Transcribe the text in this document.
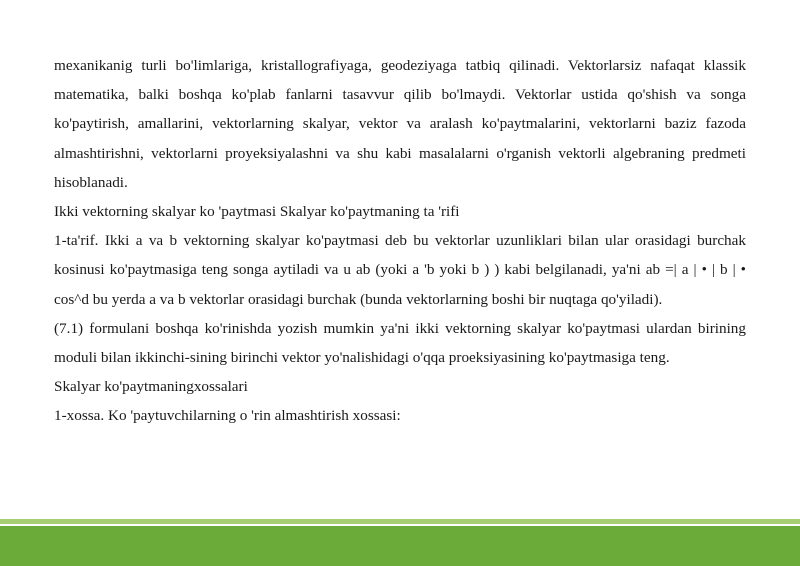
mexanikanig turli bo'limlariga, kristallografiyaga, geodeziyaga tatbiq qilinadi. Vektorlarsiz nafaqat klassik matematika, balki boshqa ko'plab fanlarni tasavvur qilib bo'lmaydi. Vektorlar ustida qo'shish va songa ko'paytirish, amallarini, vektorlarning skalyar, vektor va aralash ko'paytmalarini, vektorlarni baziz fazoda almashtirishni, vektorlarni proyeksiyalashni va shu kabi masalalarni o'rganish vektorli algebraning predmeti hisoblanadi.

Ikki vektorning skalyar ko 'paytmasi Skalyar ko'paytmaning ta 'rifi

1-ta'rif. Ikki a va b vektorning skalyar ko'paytmasi deb bu vektorlar uzunliklari bilan ular orasidagi burchak kosinusi ko'paytmasiga teng songa aytiladi va u ab (yoki a 'b yoki b ) ) kabi belgilanadi, ya'ni ab =| a | • | b | • cos^d bu yerda a va b vektorlar orasidagi burchak (bunda vektorlarning boshi bir nuqtaga qo'yiladi).

(7.1) formulani boshqa ko'rinishda yozish mumkin ya'ni ikki vektorning skalyar ko'paytmasi ulardan birining moduli bilan ikkinchi-sining birinchi vektor yo'nalishidagi o'qqa proeksiyasining ko'paytmasiga teng.

Skalyar ko'paytmaningxossalari

1-xossa. Ko 'paytuvchilarning o 'rin almashtirish xossasi:
